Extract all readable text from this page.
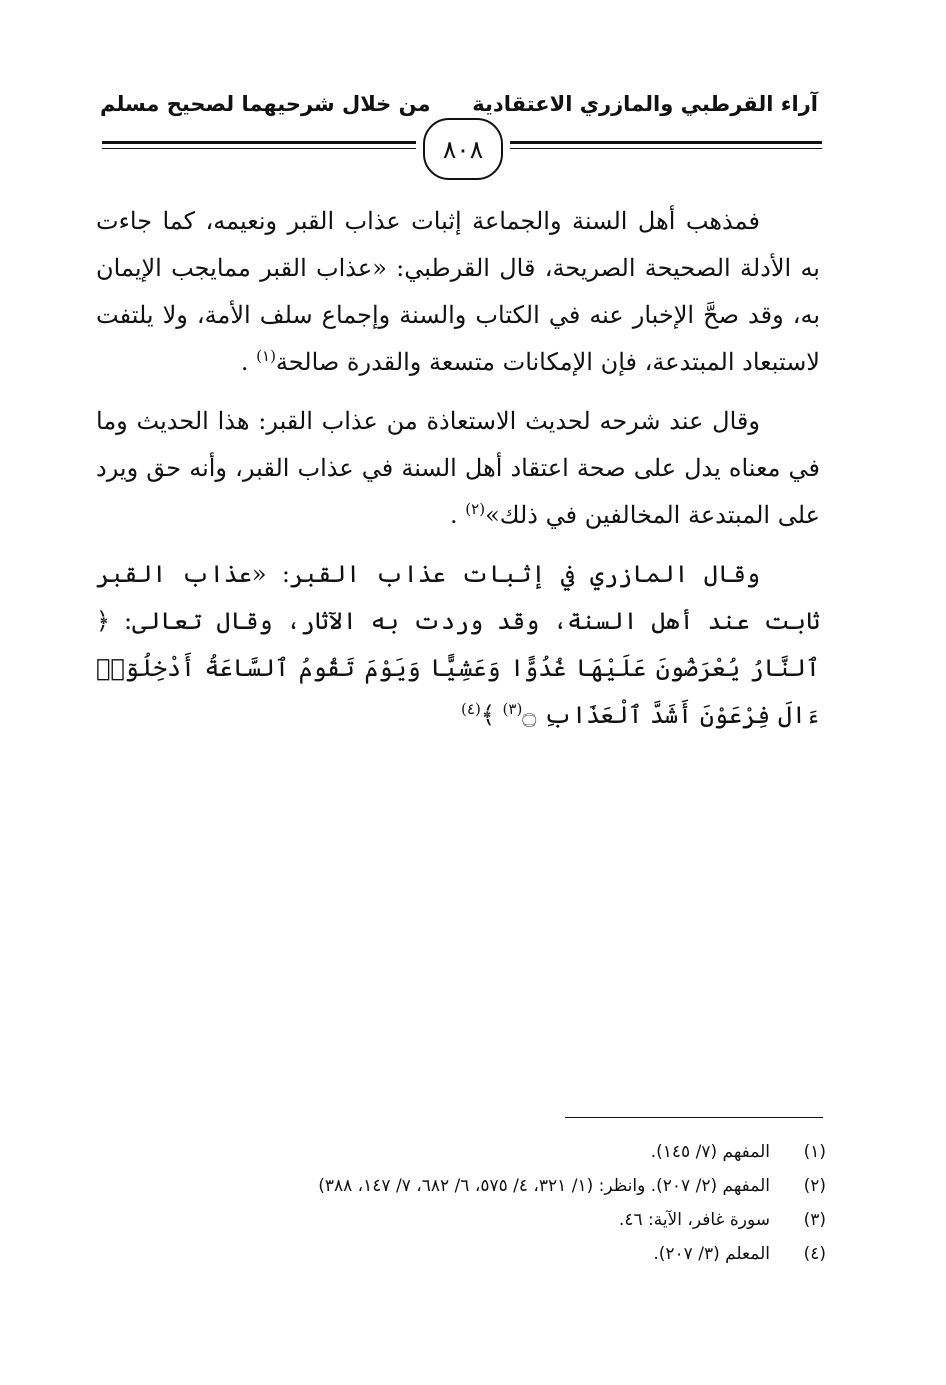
آراء القرطبي والمازري الاعتقادية
من خلال شرحيهما لصحيح مسلم
٨٠٨

فمذهب أهل السنة والجماعة إثبات عذاب القبر ونعيمه، كما جاءت به الأدلة الصحيحة الصريحة، قال القرطبي: «عذاب القبر ممايجب الإيمان به، وقد صحَّ الإخبار عنه في الكتاب والسنة وإجماع سلف الأمة، ولا يلتفت لاستبعاد المبتدعة، فإن الإمكانات متسعة والقدرة صالحة$^{(١)}$ .

وقال عند شرحه لحديث الاستعاذة من عذاب القبر: هذا الحديث وما في معناه يدل على صحة اعتقاد أهل السنة في عذاب القبر، وأنه حق ويرد على المبتدعة المخالفين في ذلك»$^{(٢)}$ .

وقال المازري في إثبات عذاب القبر: «عذاب القبر ثابت عند أهل السنة، وقد وردت به الآثار، وقال تعالى: ﴿ ٱلنَّارُ يُعْرَضُونَ عَلَيْهَا غُدُوًّا وَعَشِيًّا وَيَوْمَ تَقُومُ ٱلسَّاعَةُ أَدْخِلُوٓا۟ ءَالَ فِرْعَوْنَ أَشَدَّ ٱلْعَذَابِ ۝$^{(٣)}$ ﴾$^{(٤)}$

(١)
المفهم (٧/ ١٤٥).
(٢)
المفهم (٢/ ٢٠٧). وانظر: (١/ ٣٢١، ٤/ ٥٧٥، ٦/ ٦٨٢، ٧/ ١٤٧، ٣٨٨)
(٣)
سورة غافر، الآية: ٤٦.
(٤)
المعلم (٣/ ٢٠٧).
